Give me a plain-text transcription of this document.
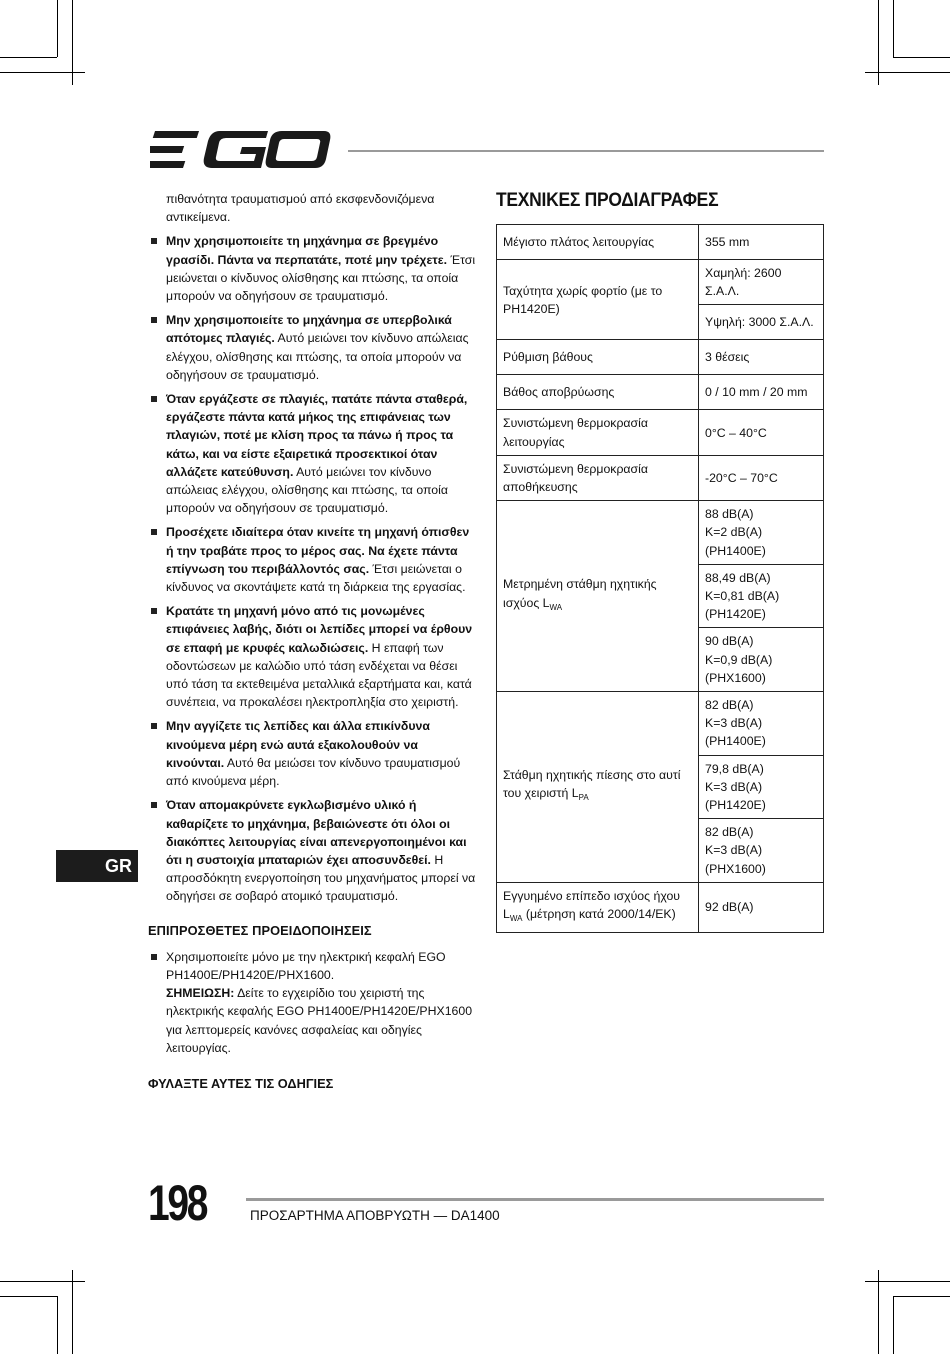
πιθανότητα τραυματισμού από εκσφενδονιζόμενα αντικείμενα.
Μην χρησιμοποιείτε τη μηχάνημα σε βρεγμένο γρασίδι. Πάντα να περπατάτε, ποτέ μην τρέχετε. Έτσι μειώνεται ο κίνδυνος ολίσθησης και πτώσης, τα οποία μπορούν να οδηγήσουν σε τραυματισμό.
Μην χρησιμοποιείτε το μηχάνημα σε υπερβολικά απότομες πλαγιές. Αυτό μειώνει τον κίνδυνο απώλειας ελέγχου, ολίσθησης και πτώσης, τα οποία μπορούν να οδηγήσουν σε τραυματισμό.
Όταν εργάζεστε σε πλαγιές, πατάτε πάντα σταθερά, εργάζεστε πάντα κατά μήκος της επιφάνειας των πλαγιών, ποτέ με κλίση προς τα πάνω ή προς τα κάτω, και να είστε εξαιρετικά προσεκτικοί όταν αλλάζετε κατεύθυνση. Αυτό μειώνει τον κίνδυνο απώλειας ελέγχου, ολίσθησης και πτώσης, τα οποία μπορούν να οδηγήσουν σε τραυματισμό.
Προσέχετε ιδιαίτερα όταν κινείτε τη μηχανή όπισθεν ή την τραβάτε προς το μέρος σας. Να έχετε πάντα επίγνωση του περιβάλλοντός σας. Έτσι μειώνεται ο κίνδυνος να σκοντάψετε κατά τη διάρκεια της εργασίας.
Κρατάτε τη μηχανή μόνο από τις μονωμένες επιφάνειες λαβής, διότι οι λεπίδες μπορεί να έρθουν σε επαφή με κρυφές καλωδιώσεις. Η επαφή των οδοντώσεων με καλώδιο υπό τάση ενδέχεται να θέσει υπό τάση τα εκτεθειμένα μεταλλικά εξαρτήματα και, κατά συνέπεια, να προκαλέσει ηλεκτροπληξία στο χειριστή.
Μην αγγίζετε τις λεπίδες και άλλα επικίνδυνα κινούμενα μέρη ενώ αυτά εξακολουθούν να κινούνται. Αυτό θα μειώσει τον κίνδυνο τραυματισμού από κινούμενα μέρη.
Όταν απομακρύνετε εγκλωβισμένο υλικό ή καθαρίζετε το μηχάνημα, βεβαιώνεστε ότι όλοι οι διακόπτες λειτουργίας είναι απενεργοποιημένοι και ότι η συστοιχία μπαταριών έχει αποσυνδεθεί. Η απροσδόκητη ενεργοποίηση του μηχανήματος μπορεί να οδηγήσει σε σοβαρό ατομικό τραυματισμό.
ΕΠΙΠΡΟΣΘΕΤΕΣ ΠΡΟΕΙΔΟΠΟΙΗΣΕΙΣ
Χρησιμοποιείτε μόνο με την ηλεκτρική κεφαλή EGO PH1400E/PH1420E/PHX1600.
ΣΗΜΕΙΩΣΗ: Δείτε το εγχειρίδιο του χειριστή της ηλεκτρικής κεφαλής EGO PH1400E/PH1420E/PHX1600 για λεπτομερείς κανόνες ασφαλείας και οδηγίες λειτουργίας.
ΦΥΛΑΞΤΕ ΑΥΤΕΣ ΤΙΣ ΟΔΗΓΙΕΣ
GR
ΤΕΧΝΙΚΕΣ ΠΡΟΔΙΑΓΡΑΦΕΣ
Μέγιστο πλάτος λειτουργίας	355 mm
Ταχύτητα χωρίς φορτίο (με το PH1420E)	Χαμηλή: 2600 Σ.Α.Λ.
	Υψηλή: 3000 Σ.Α.Λ.
Ρύθμιση βάθους	3 θέσεις
Βάθος αποβρύωσης	0 / 10 mm / 20 mm
Συνιστώμενη θερμοκρασία λειτουργίας	0°C – 40°C
Συνιστώμενη θερμοκρασία αποθήκευσης	-20°C – 70°C
Μετρημένη στάθμη ηχητικής ισχύος $L_{WA}$	88 dB(A)
K=2 dB(A)
(PH1400E)

	88,49 dB(A)
K=0,81 dB(A)
(PH1420E)

	90 dB(A)
K=0,9 dB(A)
(PHX1600)

Στάθμη ηχητικής πίεσης στο αυτί του χειριστή $L_{PA}$	82 dB(A)
K=3 dB(A)
(PH1400E)

	79,8 dB(A)
K=3 dB(A)
(PH1420E)

	82 dB(A)
K=3 dB(A)
(PHX1600)

Εγγυημένο επίπεδο ισχύος ήχου
$L_{WA}$ (μέτρηση κατά 2000/14/ΕΚ)	92 dB(A)
198	ΠΡΟΣΑΡΤΗΜΑ ΑΠΟΒΡΥΩΤΗ — DA1400
